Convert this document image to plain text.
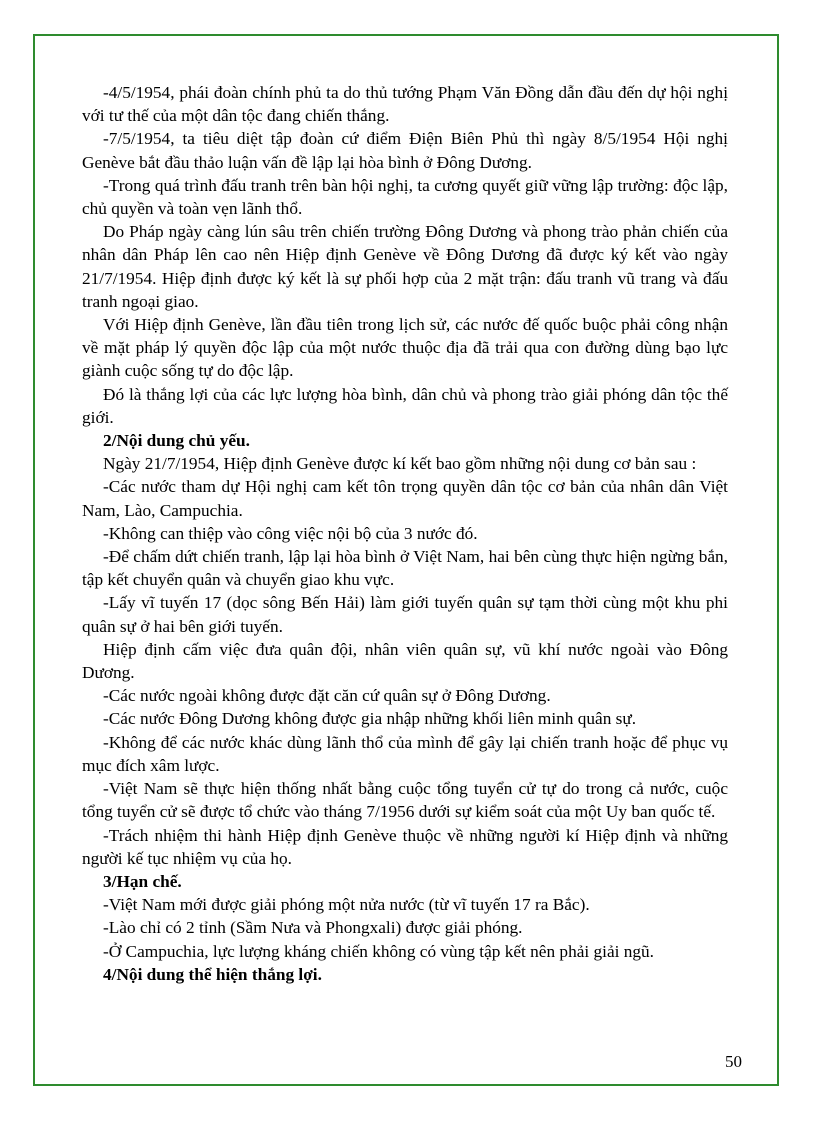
-4/5/1954, phái đoàn chính phủ ta do thủ tướng Phạm Văn Đồng dẫn đầu đến dự hội nghị với tư thế của một dân tộc đang chiến thắng.

-7/5/1954, ta tiêu diệt tập đoàn cứ điểm Điện Biên Phủ thì ngày 8/5/1954 Hội nghị Genève bắt đầu thảo luận vấn đề lập lại hòa bình ở Đông Dương.

-Trong quá trình đấu tranh trên bàn hội nghị, ta cương quyết giữ vững lập trường: độc lập, chủ quyền và toàn vẹn lãnh thổ.

Do Pháp ngày càng lún sâu trên chiến trường Đông Dương và phong trào phản chiến của nhân dân Pháp lên cao nên Hiệp định Genève về Đông Dương đã được ký kết vào ngày 21/7/1954. Hiệp định được ký kết là sự phối hợp của 2 mặt trận: đấu tranh vũ trang và đấu tranh ngoại giao.

Với Hiệp định Genève, lần đầu tiên trong lịch sử, các nước đế quốc buộc phải công nhận về mặt pháp lý quyền độc lập của một nước thuộc địa đã trải qua con đường dùng bạo lực giành cuộc sống tự do độc lập.

Đó là thắng lợi của các lực lượng hòa bình, dân chủ và phong trào giải phóng dân tộc thế giới.

2/Nội dung chủ yếu.

Ngày 21/7/1954, Hiệp định Genève được kí kết bao gồm những nội dung cơ bản sau :

-Các nước tham dự Hội nghị cam kết tôn trọng quyền dân tộc cơ bản của nhân dân Việt Nam, Lào, Campuchia.

-Không can thiệp vào công việc nội bộ của 3 nước đó.

-Để chấm dứt chiến tranh, lập lại hòa bình ở Việt Nam, hai bên cùng thực hiện ngừng bắn, tập kết chuyển quân và chuyển giao khu vực.

-Lấy vĩ tuyến 17 (dọc sông Bến Hải) làm giới tuyến quân sự tạm thời cùng một khu phi quân sự ở hai bên giới tuyến.

Hiệp định cấm việc đưa quân đội, nhân viên quân sự, vũ khí nước ngoài vào Đông Dương.

-Các nước ngoài không được đặt căn cứ quân sự ở Đông Dương.

-Các nước Đông Dương không được gia nhập những khối liên minh quân sự.

-Không để các nước khác dùng lãnh thổ của mình để gây lại chiến tranh hoặc để phục vụ mục đích xâm lược.

-Việt Nam sẽ thực hiện thống nhất bằng cuộc tổng tuyển cử tự do trong cả nước, cuộc tổng tuyển cử sẽ được tổ chức vào tháng 7/1956 dưới sự kiểm soát của một Uy ban quốc tế.

-Trách nhiệm thi hành Hiệp định Genève thuộc về những người kí Hiệp định và những người kế tục nhiệm vụ của họ.

3/Hạn chế.

-Việt Nam mới được giải phóng một nửa nước (từ vĩ tuyến 17 ra Bắc).

-Lào chỉ có 2 tỉnh (Sầm Nưa và Phongxali) được giải phóng.

-Ở Campuchia, lực lượng kháng chiến không có vùng tập kết nên phải giải ngũ.

4/Nội dung thể hiện thắng lợi.

50
